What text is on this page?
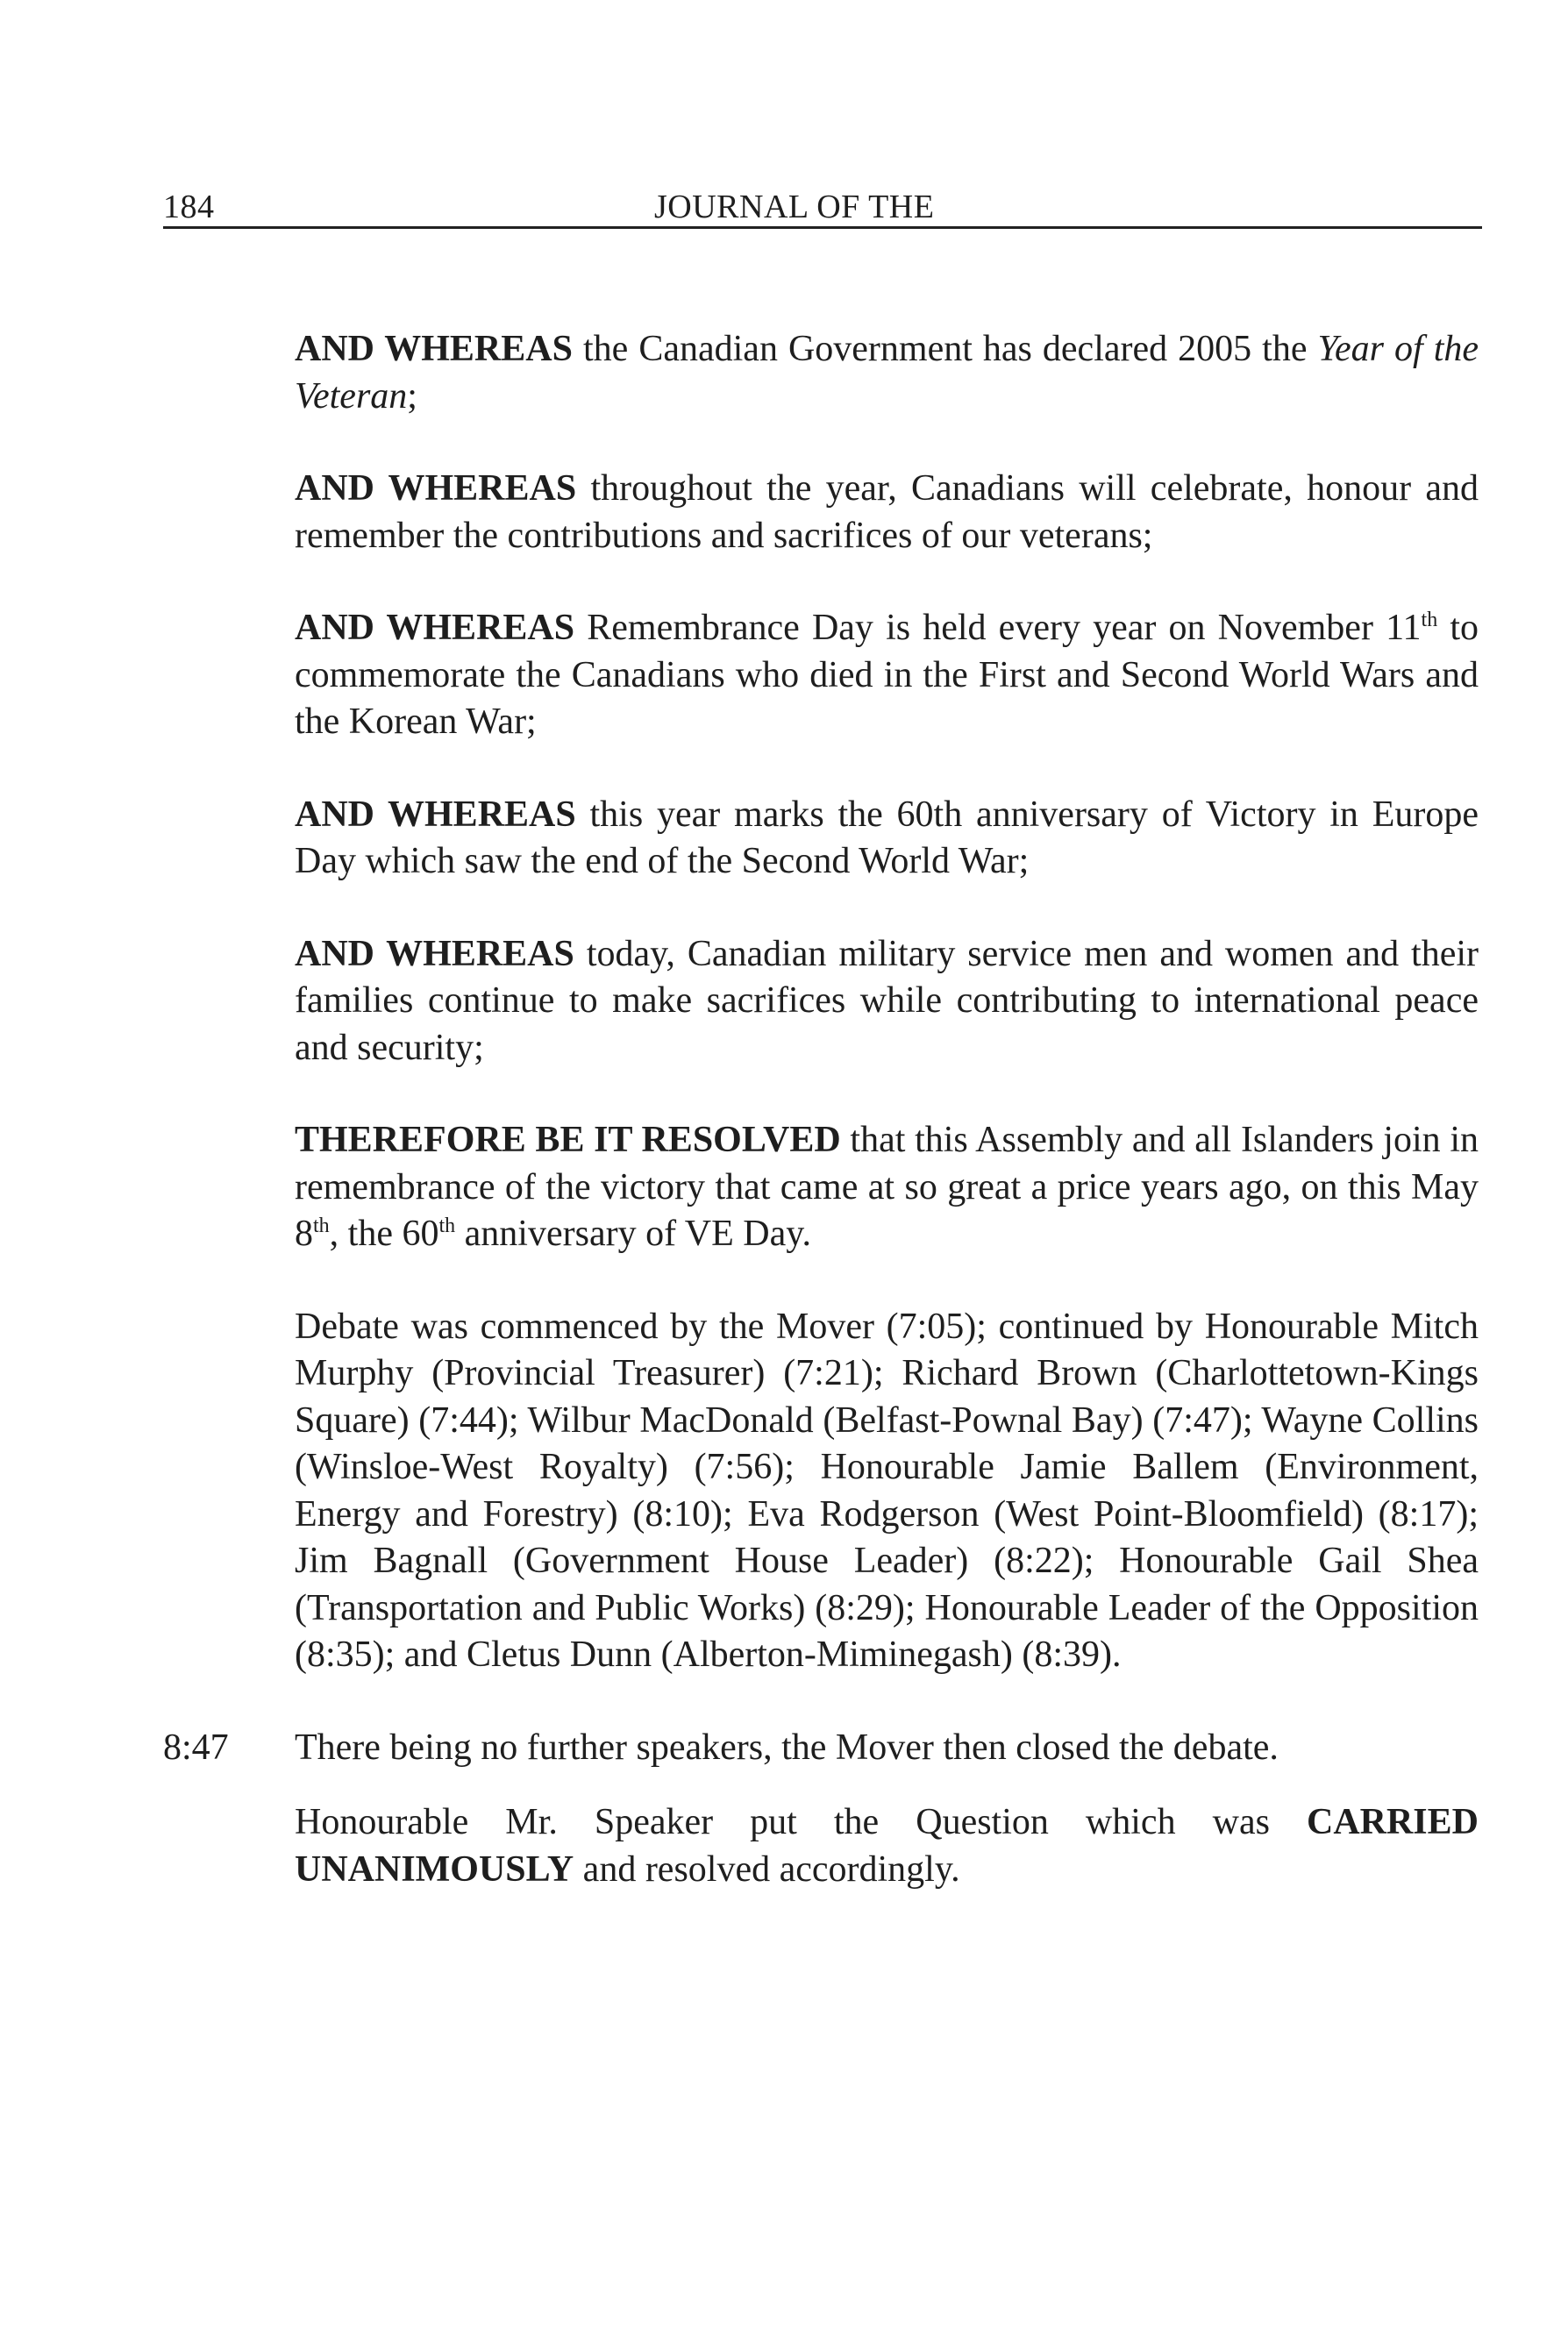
184	JOURNAL OF THE

AND WHEREAS the Canadian Government has declared 2005 the Year of the Veteran;

AND WHEREAS throughout the year, Canadians will celebrate, honour and remember the contributions and sacrifices of our veterans;

AND WHEREAS Remembrance Day is held every year on November 11th to commemorate the Canadians who died in the First and Second World Wars and the Korean War;

AND WHEREAS this year marks the 60th anniversary of Victory in Europe Day which saw the end of the Second World War;

AND WHEREAS today, Canadian military service men and women and their families continue to make sacrifices while contributing to international peace and security;

THEREFORE BE IT RESOLVED that this Assembly and all Islanders join in remembrance of the victory that came at so great a price years ago, on this May 8th, the 60th anniversary of VE Day.

Debate was commenced by the Mover (7:05); continued by Honourable Mitch Murphy (Provincial Treasurer) (7:21); Richard Brown (Charlottetown-Kings Square) (7:44); Wilbur MacDonald (Belfast-Pownal Bay) (7:47); Wayne Collins (Winsloe-West Royalty) (7:56); Honourable Jamie Ballem (Environment, Energy and Forestry) (8:10); Eva Rodgerson (West Point-Bloomfield) (8:17); Jim Bagnall (Government House Leader) (8:22); Honourable Gail Shea (Transportation and Public Works) (8:29); Honourable Leader of the Opposition (8:35); and Cletus Dunn (Alberton-Miminegash) (8:39).

There being no further speakers, the Mover then closed the debate.

Honourable Mr. Speaker put the Question which was CARRIED UNANIMOUSLY and resolved accordingly.

8:47
